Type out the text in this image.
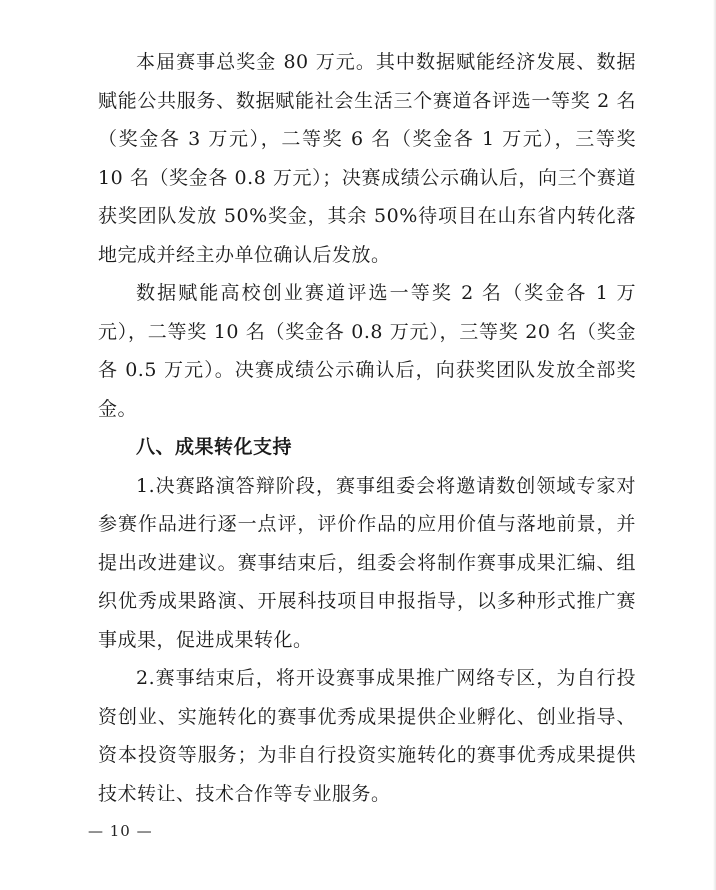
本届赛事总奖金 80 万元。其中数据赋能经济发展、数据赋能公共服务、数据赋能社会生活三个赛道各评选一等奖 2 名（奖金各 3 万元），二等奖 6 名（奖金各 1 万元），三等奖 10 名（奖金各 0.8 万元）；决赛成绩公示确认后，向三个赛道获奖团队发放 50%奖金，其余 50%待项目在山东省内转化落地完成并经主办单位确认后发放。

数据赋能高校创业赛道评选一等奖 2 名（奖金各 1 万元），二等奖 10 名（奖金各 0.8 万元），三等奖 20 名（奖金各 0.5 万元）。决赛成绩公示确认后，向获奖团队发放全部奖金。

八、成果转化支持

1.决赛路演答辩阶段，赛事组委会将邀请数创领域专家对参赛作品进行逐一点评，评价作品的应用价值与落地前景，并提出改进建议。赛事结束后，组委会将制作赛事成果汇编、组织优秀成果路演、开展科技项目申报指导，以多种形式推广赛事成果，促进成果转化。

2.赛事结束后，将开设赛事成果推广网络专区，为自行投资创业、实施转化的赛事优秀成果提供企业孵化、创业指导、资本投资等服务；为非自行投资实施转化的赛事优秀成果提供技术转让、技术合作等专业服务。

— 10 —
